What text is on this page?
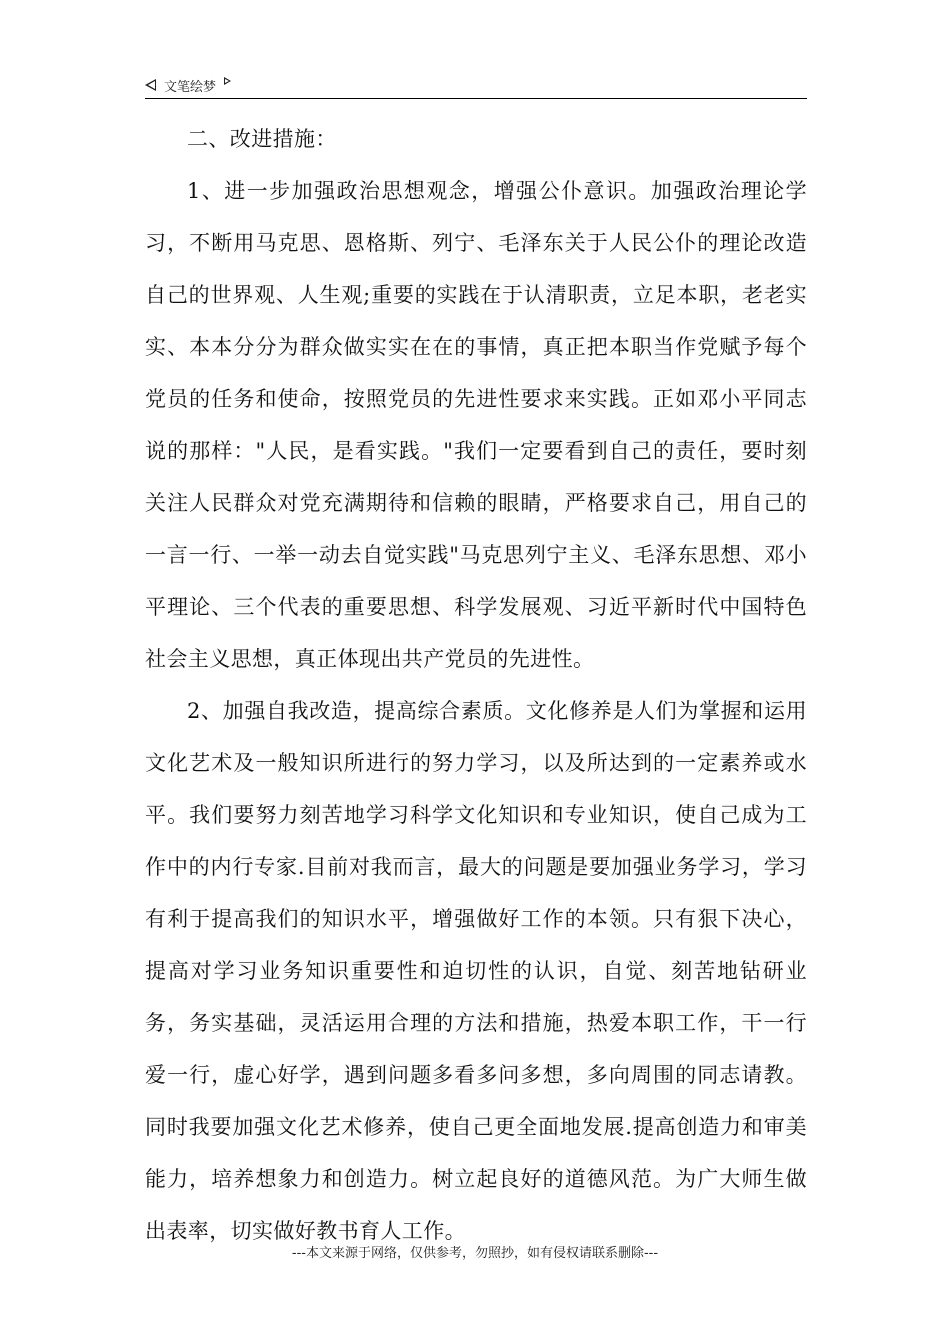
文笔绘梦

二、改进措施：

1、进一步加强政治思想观念，增强公仆意识。加强政治理论学习，不断用马克思、恩格斯、列宁、毛泽东关于人民公仆的理论改造自己的世界观、人生观;重要的实践在于认清职责，立足本职，老老实实、本本分分为群众做实实在在的事情，真正把本职当作党赋予每个党员的任务和使命，按照党员的先进性要求来实践。正如邓小平同志说的那样："人民，是看实践。"我们一定要看到自己的责任，要时刻关注人民群众对党充满期待和信赖的眼睛，严格要求自己，用自己的一言一行、一举一动去自觉实践"马克思列宁主义、毛泽东思想、邓小平理论、三个代表的重要思想、科学发展观、习近平新时代中国特色社会主义思想，真正体现出共产党员的先进性。

2、加强自我改造，提高综合素质。文化修养是人们为掌握和运用文化艺术及一般知识所进行的努力学习，以及所达到的一定素养或水平。我们要努力刻苦地学习科学文化知识和专业知识，使自己成为工作中的内行专家.目前对我而言，最大的问题是要加强业务学习，学习有利于提高我们的知识水平，增强做好工作的本领。只有狠下决心，提高对学习业务知识重要性和迫切性的认识，自觉、刻苦地钻研业务，务实基础，灵活运用合理的方法和措施，热爱本职工作，干一行爱一行，虚心好学，遇到问题多看多问多想，多向周围的同志请教。同时我要加强文化艺术修养，使自己更全面地发展.提高创造力和审美能力，培养想象力和创造力。树立起良好的道德风范。为广大师生做出表率，切实做好教书育人工作。

---本文来源于网络，仅供参考，勿照抄，如有侵权请联系删除---
